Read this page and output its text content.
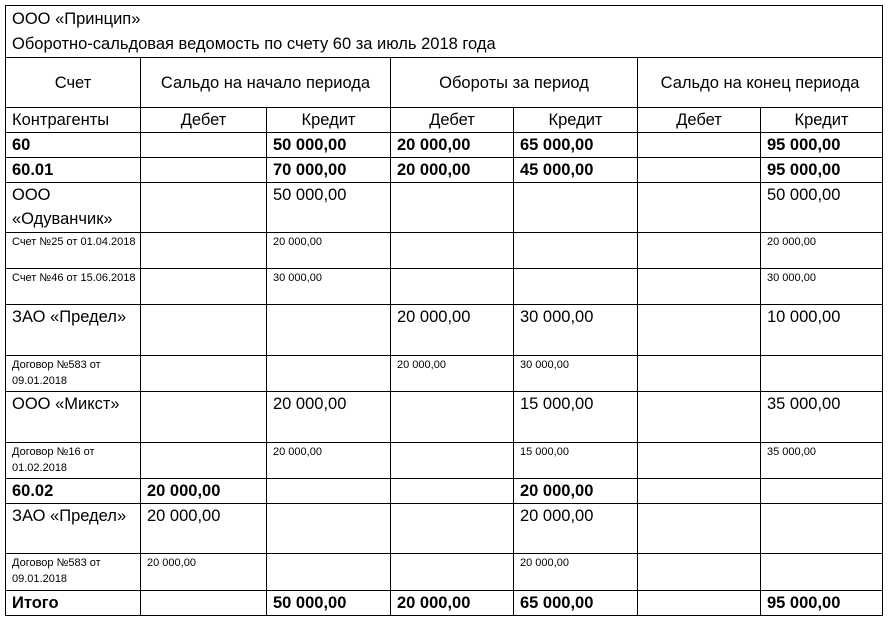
ООО «Принцип»
Оборотно-сальдовая ведомость по счету 60 за июль 2018 года						

Счет	Сальдо на начало периода		Обороты за период		Сальдо на конец периода	
Контрагенты	Дебет	Кредит	Дебет	Кредит	Дебет	Кредит
60		50 000,00	20 000,00	65 000,00		95 000,00
60.01		70 000,00	20 000,00	45 000,00		95 000,00
ООО «Одуванчик»		50 000,00				50 000,00
Счет №25 от 01.04.2018		20 000,00				20 000,00
Счет №46 от 15.06.2018		30 000,00				30 000,00
ЗАО «Предел»			20 000,00	30 000,00		10 000,00
Договор №583 от 09.01.2018			20 000,00	30 000,00		
ООО «Микст»		20 000,00		15 000,00		35 000,00
Договор №16 от 01.02.2018		20 000,00		15 000,00		35 000,00
60.02	20 000,00			20 000,00		
ЗАО «Предел»	20 000,00			20 000,00		
Договор №583 от 09.01.2018	20 000,00			20 000,00		
Итого		50 000,00	20 000,00	65 000,00		95 000,00
